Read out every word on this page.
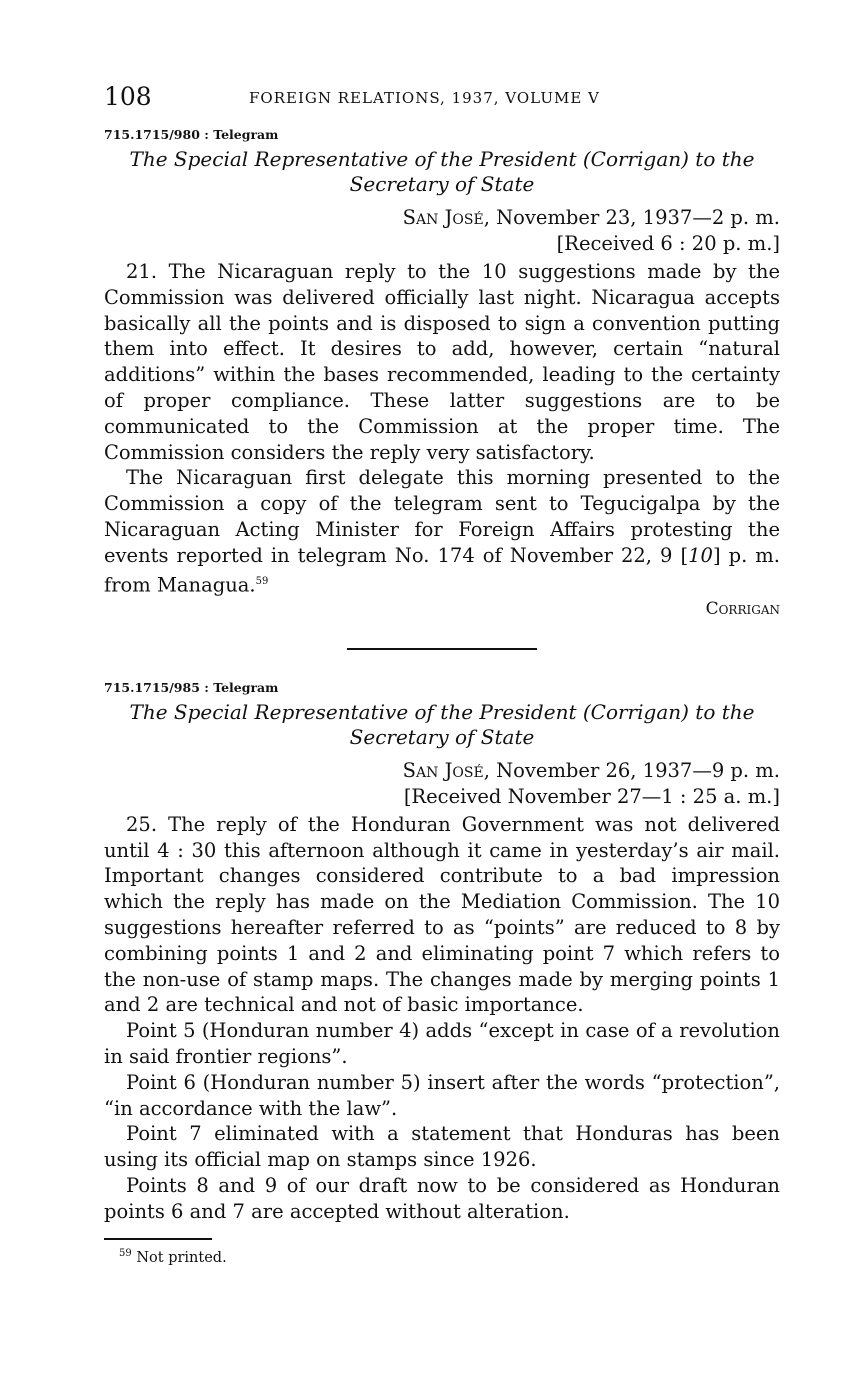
108	FOREIGN RELATIONS, 1937, VOLUME V
715.1715/980 : Telegram
The Special Representative of the President (Corrigan) to the
Secretary of State
San José, November 23, 1937—2 p. m.
[Received 6 : 20 p. m.]

21. The Nicaraguan reply to the 10 suggestions made by the Commission was delivered officially last night. Nicaragua accepts basically all the points and is disposed to sign a convention putting them into effect. It desires to add, however, certain “natural additions” within the bases recommended, leading to the certainty of proper compliance. These latter suggestions are to be communicated to the Commission at the proper time. The Commission considers the reply very satisfactory.

The Nicaraguan first delegate this morning presented to the Commission a copy of the telegram sent to Tegucigalpa by the Nicaraguan Acting Minister for Foreign Affairs protesting the events reported in telegram No. 174 of November 22, 9 [10] p. m. from Managua.$^{59}$

Corrigan
715.1715/985 : Telegram
The Special Representative of the President (Corrigan) to the
Secretary of State
San José, November 26, 1937—9 p. m.
[Received November 27—1 : 25 a. m.]

25. The reply of the Honduran Government was not delivered until 4 : 30 this afternoon although it came in yesterday’s air mail. Important changes considered contribute to a bad impression which the reply has made on the Mediation Commission. The 10 suggestions hereafter referred to as “points” are reduced to 8 by combining points 1 and 2 and eliminating point 7 which refers to the non-use of stamp maps. The changes made by merging points 1 and 2 are technical and not of basic importance.

Point 5 (Honduran number 4) adds “except in case of a revolution in said frontier regions”.

Point 6 (Honduran number 5) insert after the words “protection”, “in accordance with the law”.

Point 7 eliminated with a statement that Honduras has been using its official map on stamps since 1926.

Points 8 and 9 of our draft now to be considered as Honduran points 6 and 7 are accepted without alteration.

$^{59}$ Not printed.
